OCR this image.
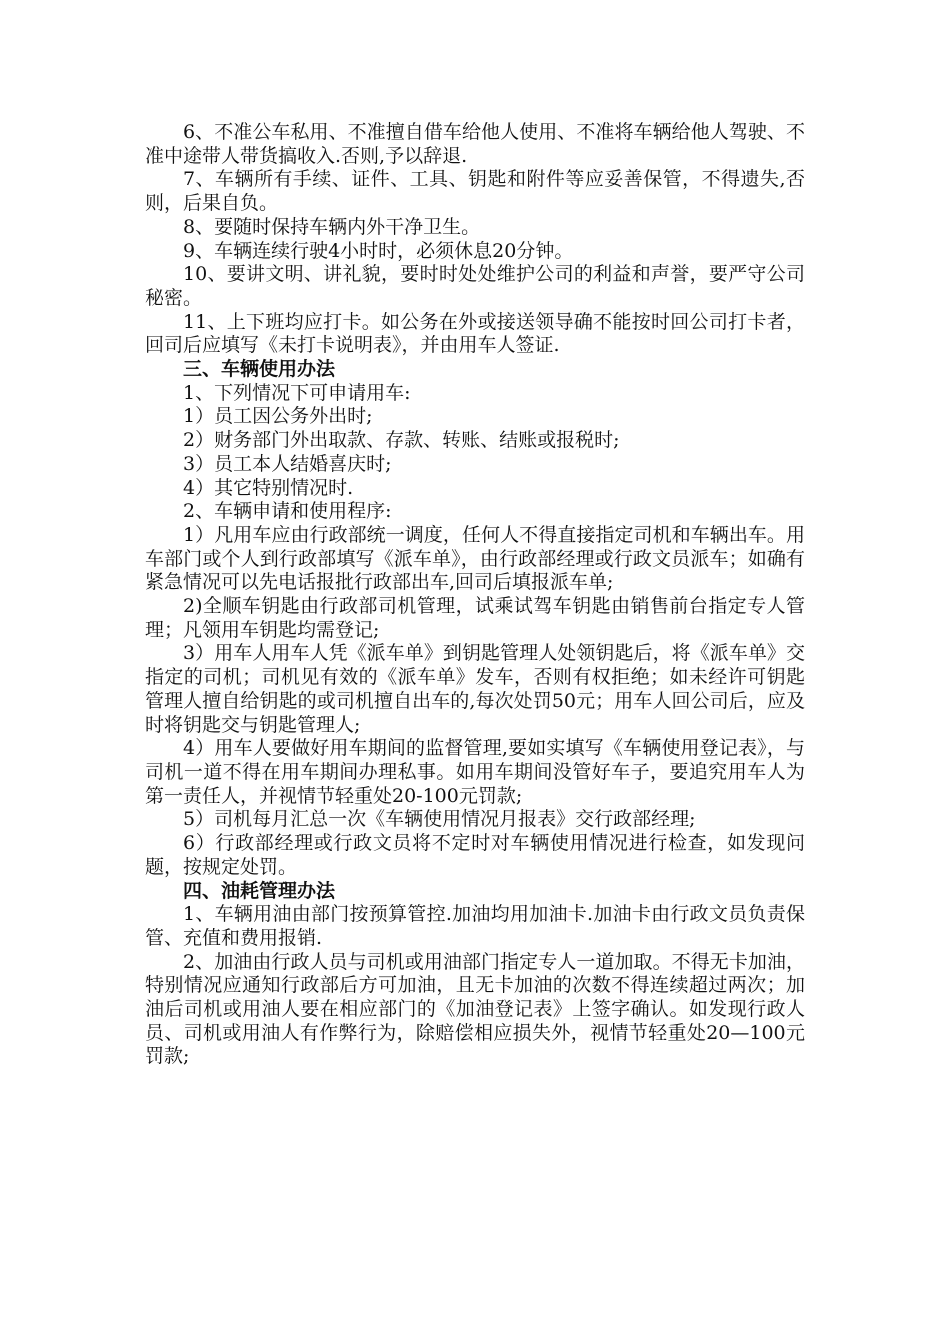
6、不准公车私用、不准擅自借车给他人使用、不准将车辆给他人驾驶、不准中途带人带货搞收入.否则,予以辞退.

7、车辆所有手续、证件、工具、钥匙和附件等应妥善保管，不得遗失,否则，后果自负。

8、要随时保持车辆内外干净卫生。

9、车辆连续行驶4小时时，必须休息20分钟。

10、要讲文明、讲礼貌，要时时处处维护公司的利益和声誉，要严守公司秘密。

11、上下班均应打卡。如公务在外或接送领导确不能按时回公司打卡者，回司后应填写《未打卡说明表》，并由用车人签证.

三、车辆使用办法

1、下列情况下可申请用车:

1）员工因公务外出时;

2）财务部门外出取款、存款、转账、结账或报税时;

3）员工本人结婚喜庆时;

4）其它特别情况时.

2、车辆申请和使用程序:

1）凡用车应由行政部统一调度，任何人不得直接指定司机和车辆出车。用车部门或个人到行政部填写《派车单》，由行政部经理或行政文员派车；如确有紧急情况可以先电话报批行政部出车,回司后填报派车单;

2)全顺车钥匙由行政部司机管理，试乘试驾车钥匙由销售前台指定专人管理；凡领用车钥匙均需登记;

3）用车人用车人凭《派车单》到钥匙管理人处领钥匙后，将《派车单》交指定的司机；司机见有效的《派车单》发车，否则有权拒绝；如未经许可钥匙管理人擅自给钥匙的或司机擅自出车的,每次处罚50元；用车人回公司后，应及时将钥匙交与钥匙管理人;

4）用车人要做好用车期间的监督管理,要如实填写《车辆使用登记表》，与司机一道不得在用车期间办理私事。如用车期间没管好车子，要追究用车人为第一责任人，并视情节轻重处20-100元罚款;

5）司机每月汇总一次《车辆使用情况月报表》交行政部经理;

6）行政部经理或行政文员将不定时对车辆使用情况进行检查，如发现问题，按规定处罚。

四、油耗管理办法

1、车辆用油由部门按预算管控.加油均用加油卡.加油卡由行政文员负责保管、充值和费用报销.

2、加油由行政人员与司机或用油部门指定专人一道加取。不得无卡加油，特别情况应通知行政部后方可加油，且无卡加油的次数不得连续超过两次；加油后司机或用油人要在相应部门的《加油登记表》上签字确认。如发现行政人员、司机或用油人有作弊行为，除赔偿相应损失外，视情节轻重处20—100元罚款;
